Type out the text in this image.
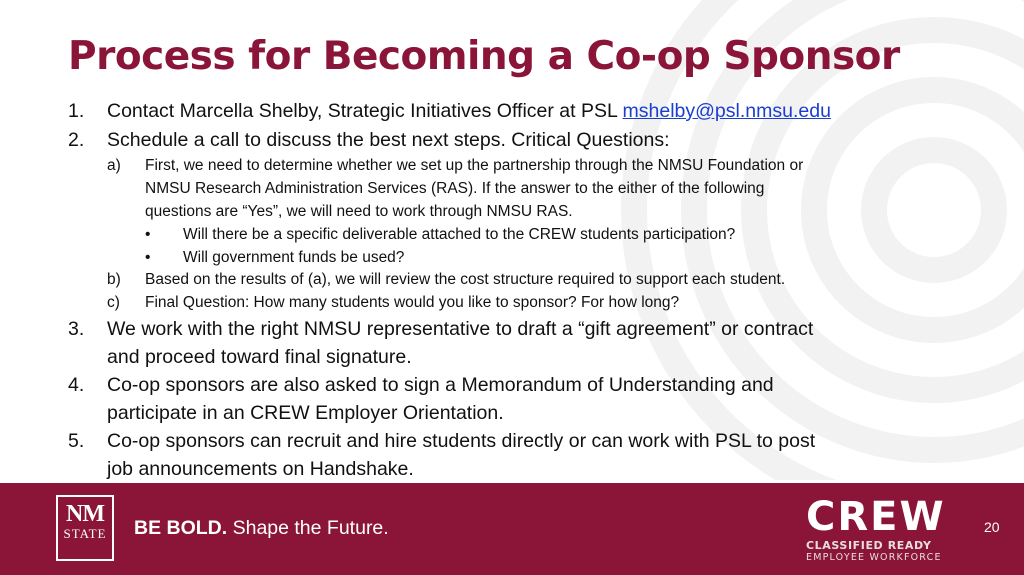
Process for Becoming a Co-op Sponsor
1. Contact Marcella Shelby, Strategic Initiatives Officer at PSL mshelby@psl.nmsu.edu
2. Schedule a call to discuss the best next steps. Critical Questions:
a) First, we need to determine whether we set up the partnership through the NMSU Foundation or
NMSU Research Administration Services (RAS). If the answer to the either of the following
questions are “Yes”, we will need to work through NMSU RAS.
• Will there be a specific deliverable attached to the CREW students participation?
• Will government funds be used?
b) Based on the results of (a), we will review the cost structure required to support each student.
c) Final Question: How many students would you like to sponsor? For how long?
3. We work with the right NMSU representative to draft a “gift agreement” or contract
and proceed toward final signature.
4. Co-op sponsors are also asked to sign a Memorandum of Understanding and
participate in an CREW Employer Orientation.
5. Co-op sponsors can recruit and hire students directly or can work with PSL to post
job announcements on Handshake.
NM
STATE BE BOLD. Shape the Future.	CREW
CLASSIFIED READY
EMPLOYEE WORKFORCE
20
